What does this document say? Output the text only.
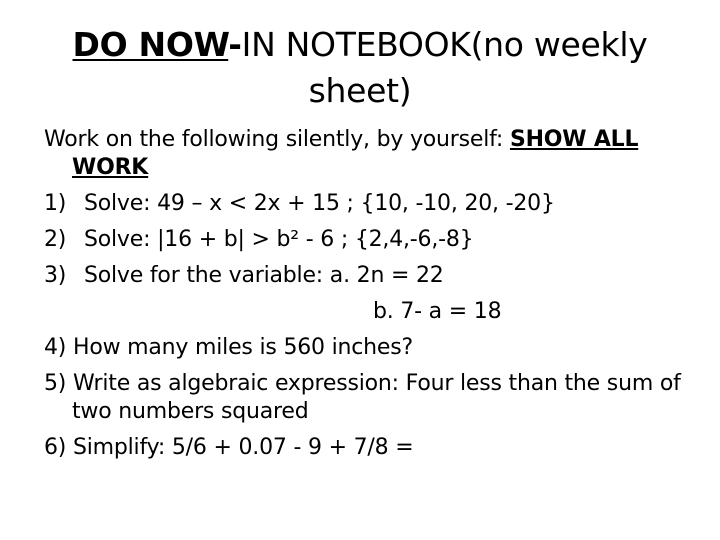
DO NOW-IN NOTEBOOK(no weekly sheet)

Work on the following silently, by yourself: SHOW ALL WORK

1) Solve: 49 – x < 2x + 15 ; {10, -10, 20, -20}
2) Solve: |16 + b| > b² - 6 ; {2,4,-6,-8}
3) Solve for the variable: a. 2n = 22
b. 7- a = 18

4) How many miles is 560 inches?

5) Write as algebraic expression: Four less than the sum of two numbers squared

6) Simplify: 5/6 + 0.07 - 9 + 7/8 =
